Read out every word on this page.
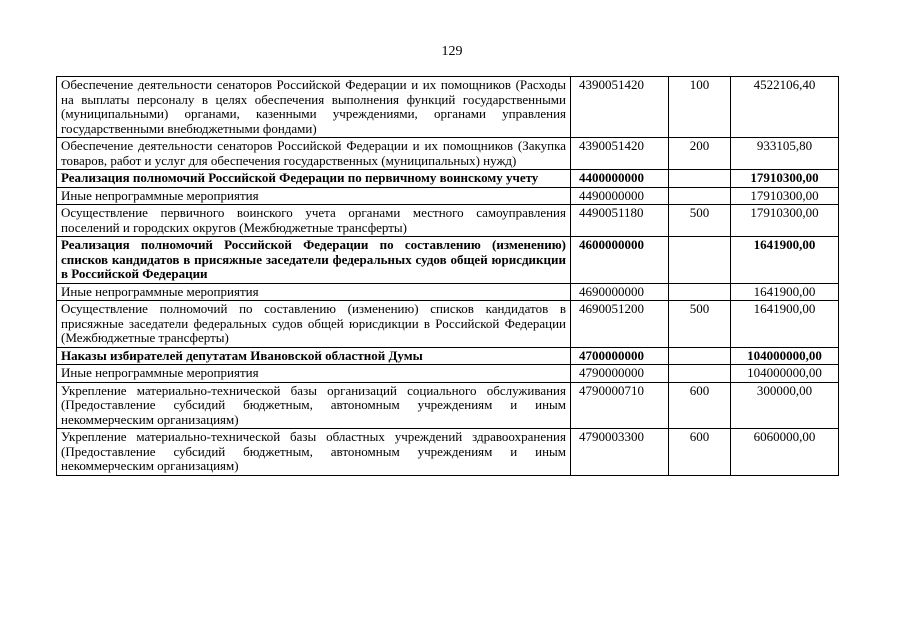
129
Обеспечение деятельности сенаторов Российской Федерации и их помощников (Расходы на выплаты персоналу в целях обеспечения выполнения функций государственными (муниципальными) органами, казенными учреждениями, органами управления государственными внебюджетными фондами)	4390051420	100	4522106,40
Обеспечение деятельности сенаторов Российской Федерации и их помощников (Закупка товаров, работ и услуг для обеспечения государственных (муниципальных) нужд)	4390051420	200	933105,80
Реализация полномочий Российской Федерации по первичному воинскому учету	4400000000		17910300,00
Иные непрограммные мероприятия	4490000000		17910300,00
Осуществление первичного воинского учета органами местного самоуправления поселений и городских округов (Межбюджетные трансферты)	4490051180	500	17910300,00
Реализация полномочий Российской Федерации по составлению (изменению) списков кандидатов в присяжные заседатели федеральных судов общей юрисдикции в Российской Федерации	4600000000		1641900,00
Иные непрограммные мероприятия	4690000000		1641900,00
Осуществление полномочий по составлению (изменению) списков кандидатов в присяжные заседатели федеральных судов общей юрисдикции в Российской Федерации (Межбюджетные трансферты)	4690051200	500	1641900,00
Наказы избирателей депутатам Ивановской областной Думы	4700000000		104000000,00
Иные непрограммные мероприятия	4790000000		104000000,00
Укрепление материально-технической базы организаций социального обслуживания (Предоставление субсидий бюджетным, автономным учреждениям и иным некоммерческим организациям)	4790000710	600	300000,00
Укрепление материально-технической базы областных учреждений здравоохранения (Предоставление субсидий бюджетным, автономным учреждениям и иным некоммерческим организациям)	4790003300	600	6060000,00
